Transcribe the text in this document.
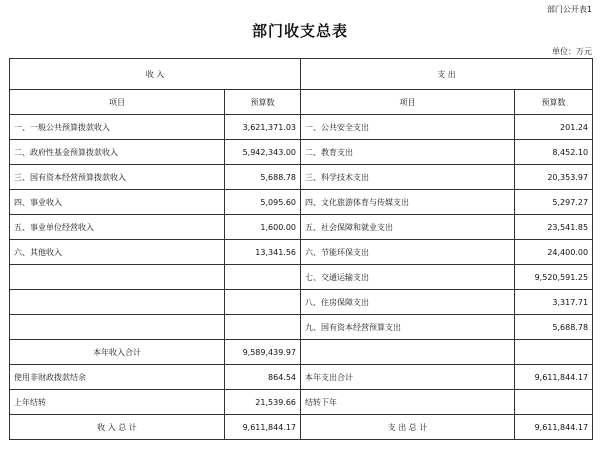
部门公开表1
部门收支总表
单位：万元
收 入		支 出	
项目	预算数	项目	预算数
一、一般公共预算拨款收入	3,621,371.03	一、公共安全支出	201.24
二、政府性基金预算拨款收入	5,942,343.00	二、教育支出	8,452.10
三、国有资本经营预算拨款收入	5,688.78	三、科学技术支出	20,353.97
四、事业收入	5,095.60	四、文化旅游体育与传媒支出	5,297.27
五、事业单位经营收入	1,600.00	五、社会保障和就业支出	23,541.85
六、其他收入	13,341.56	六、节能环保支出	24,400.00
		七、交通运输支出	9,520,591.25
		八、住房保障支出	3,317.71
		九、国有资本经营预算支出	5,688.78
本年收入合计	9,589,439.97		
使用非财政拨款结余	864.54	本年支出合计	9,611,844.17
上年结转	21,539.66	结转下年	
收 入 总 计	9,611,844.17	支 出 总 计	9,611,844.17
